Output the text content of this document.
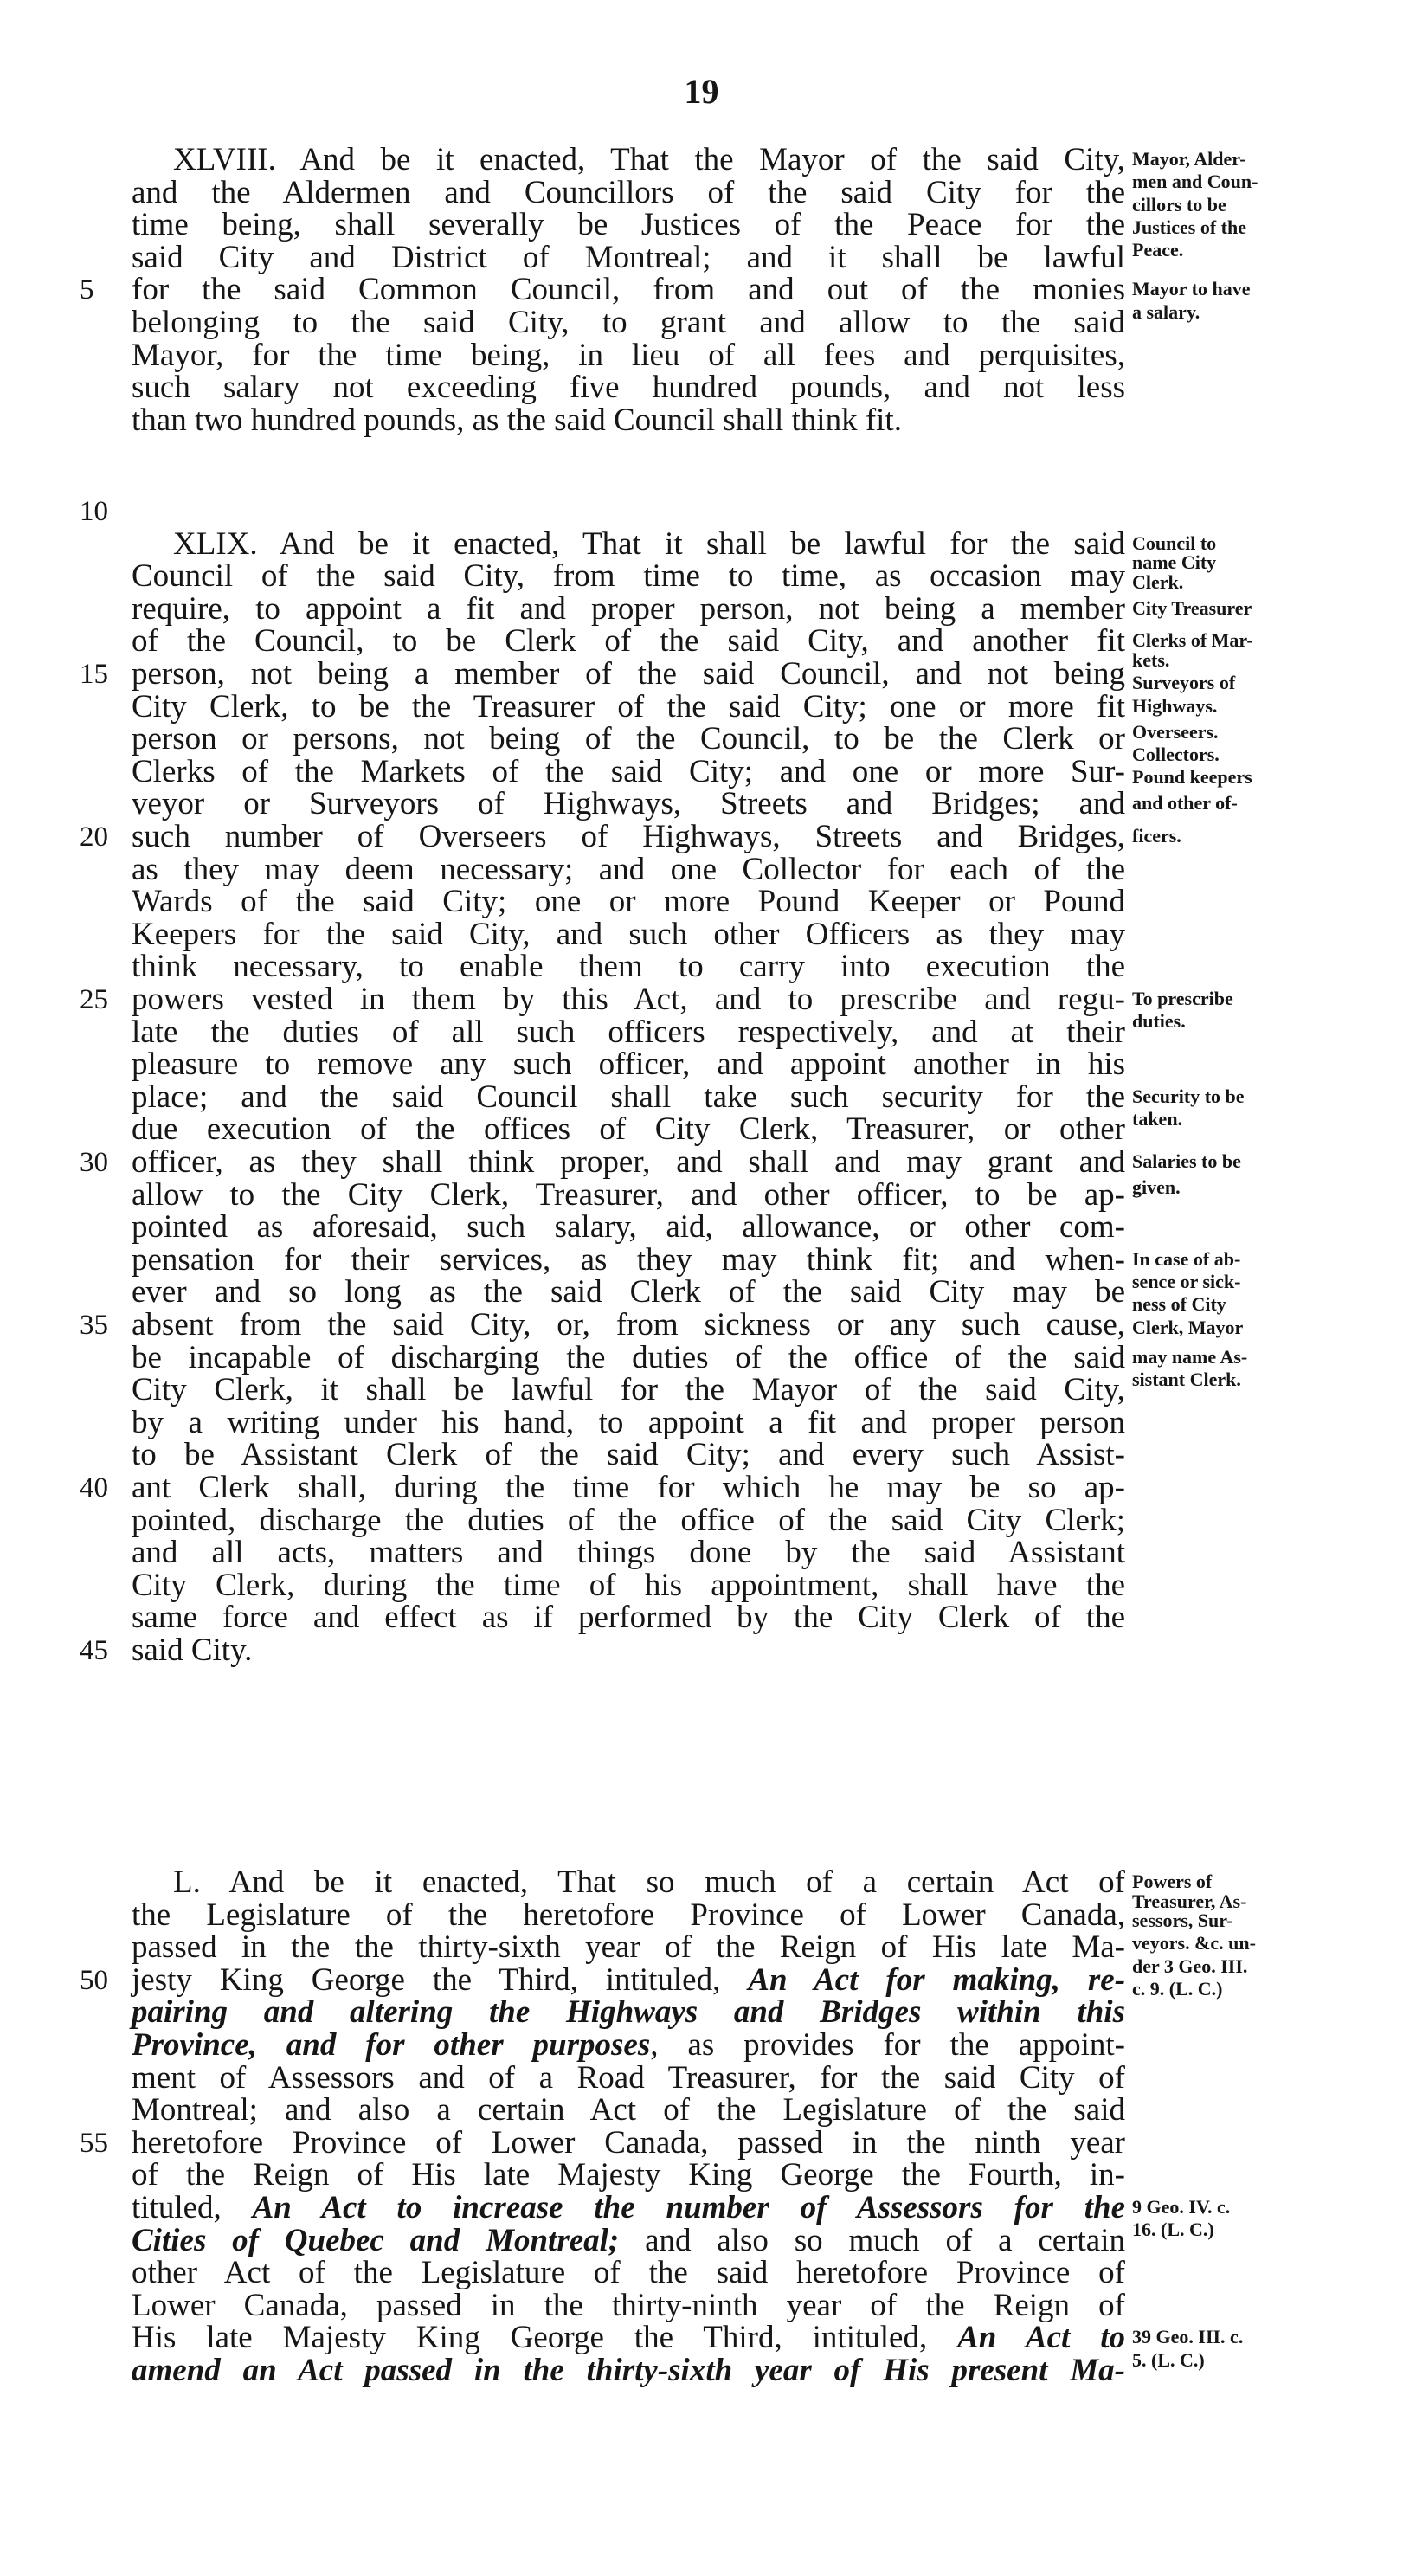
19
XLVIII. And be it enacted, That the Mayor of the said City,
and the Aldermen and Councillors of the said City for the
time being, shall severally be Justices of the Peace for the
said City and District of Montreal; and it shall be lawful
5	for the said Common Council, from and out of the monies
belonging to the said City, to grant and allow to the said
Mayor, for the time being, in lieu of all fees and perquisites,
such salary not exceeding five hundred pounds, and not less
than two hundred pounds, as the said Council shall think fit.
Mayor, Alder-
men and Coun-
cillors to be
Justices of the
Peace.
Mayor to have
a salary.
10
XLIX. And be it enacted, That it shall be lawful for the said
Council of the said City, from time to time, as occasion may
require, to appoint a fit and proper person, not being a member
of the Council, to be Clerk of the said City, and another fit
15 person, not being a member of the said Council, and not being
City Clerk, to be the Treasurer of the said City; one or more fit
person or persons, not being of the Council, to be the Clerk or
Clerks of the Markets of the said City; and one or more Sur-
veyor or Surveyors of Highways, Streets and Bridges; and
20 such number of Overseers of Highways, Streets and Bridges,
as they may deem necessary; and one Collector for each of the
Wards of the said City; one or more Pound Keeper or Pound
Keepers for the said City, and such other Officers as they may
think necessary, to enable them to carry into execution the
25 powers vested in them by this Act, and to prescribe and regu-
late the duties of all such officers respectively, and at their
pleasure to remove any such officer, and appoint another in his
place; and the said Council shall take such security for the
due execution of the offices of City Clerk, Treasurer, or other
30 officer, as they shall think proper, and shall and may grant and
allow to the City Clerk, Treasurer, and other officer, to be ap-
pointed as aforesaid, such salary, aid, allowance, or other com-
pensation for their services, as they may think fit; and when-
ever and so long as the said Clerk of the said City may be
35 absent from the said City, or, from sickness or any such cause,
be incapable of discharging the duties of the office of the said
City Clerk, it shall be lawful for the Mayor of the said City,
by a writing under his hand, to appoint a fit and proper person
to be Assistant Clerk of the said City; and every such Assist-
40 ant Clerk shall, during the time for which he may be so ap-
pointed, discharge the duties of the office of the said City Clerk;
and all acts, matters and things done by the said Assistant
City Clerk, during the time of his appointment, shall have the
same force and effect as if performed by the City Clerk of the
45 said City.
Council to
name City
Clerk.
City Treasurer
Clerks of Mar-
kets.
Surveyors of
Highways.
Overseers.
Collectors.
Pound keepers
and other of-
ficers.
To prescribe
duties.
Security to be
taken.
Salaries to be
given.
In case of ab-
sence or sick-
ness of City
Clerk, Mayor
may name As-
sistant Clerk.
L. And be it enacted, That so much of a certain Act of
the Legislature of the heretofore Province of Lower Canada,
passed in the the thirty-sixth year of the Reign of His late Ma-
50 jesty King George the Third, intituled, An Act for making, re-
pairing and altering the Highways and Bridges within this
Province, and for other purposes, as provides for the appoint-
ment of Assessors and of a Road Treasurer, for the said City of
Montreal; and also a certain Act of the Legislature of the said
55 heretofore Province of Lower Canada, passed in the ninth year
of the Reign of His late Majesty King George the Fourth, in-
tituled, An Act to increase the number of Assessors for the
Cities of Quebec and Montreal; and also so much of a certain
other Act of the Legislature of the said heretofore Province of
Lower Canada, passed in the thirty-ninth year of the Reign of
His late Majesty King George the Third, intituled, An Act to
amend an Act passed in the thirty-sixth year of His present Ma-
Powers of
Treasurer, As-
sessors, Sur-
veyors. &c. un-
der 3 Geo. III.
c. 9. (L. C.)
9 Geo. IV. c.
16. (L. C.)
39 Geo. III. c.
5. (L. C.)
